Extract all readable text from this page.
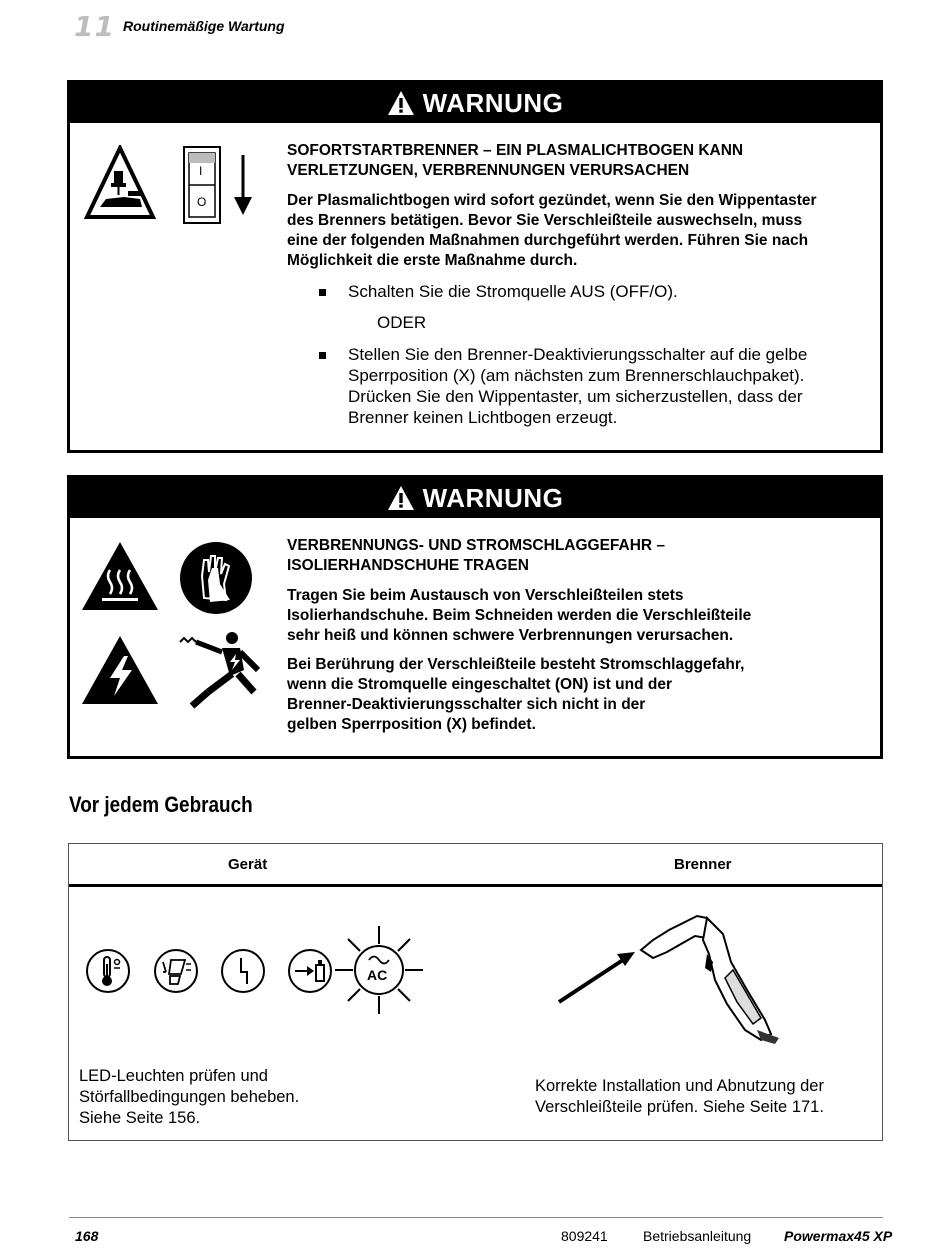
11 Routinemäßige Wartung
WARNUNG
I
O
SOFORTSTARTBRENNER – EIN PLASMALICHTBOGEN KANN
VERLETZUNGEN, VERBRENNUNGEN VERURSACHEN
Der Plasmalichtbogen wird sofort gezündet, wenn Sie den Wippentaster
des Brenners betätigen. Bevor Sie Verschleißteile auswechseln, muss
eine der folgenden Maßnahmen durchgeführt werden. Führen Sie nach
Möglichkeit die erste Maßnahme durch.
Schalten Sie die Stromquelle AUS (OFF/O).
ODER
Stellen Sie den Brenner-Deaktivierungsschalter auf die gelbe
Sperrposition (X) (am nächsten zum Brennerschlauchpaket).
Drücken Sie den Wippentaster, um sicherzustellen, dass der
Brenner keinen Lichtbogen erzeugt.
WARNUNG
VERBRENNUNGS- UND STROMSCHLAGGEFAHR –
ISOLIERHANDSCHUHE TRAGEN
Tragen Sie beim Austausch von Verschleißteilen stets
Isolierhandschuhe. Beim Schneiden werden die Verschleißteile
sehr heiß und können schwere Verbrennungen verursachen.
Bei Berührung der Verschleißteile besteht Stromschlaggefahr,
wenn die Stromquelle eingeschaltet (ON) ist und der
Brenner-Deaktivierungsschalter sich nicht in der
gelben Sperrposition (X) befindet.
Vor jedem Gebrauch
Gerät	Brenner
AC
LED-Leuchten prüfen und
Störfallbedingungen beheben.
Siehe Seite 156.
Korrekte Installation und Abnutzung der
Verschleißteile prüfen. Siehe Seite 171.
168	809241	Betriebsanleitung Powermax45 XP
